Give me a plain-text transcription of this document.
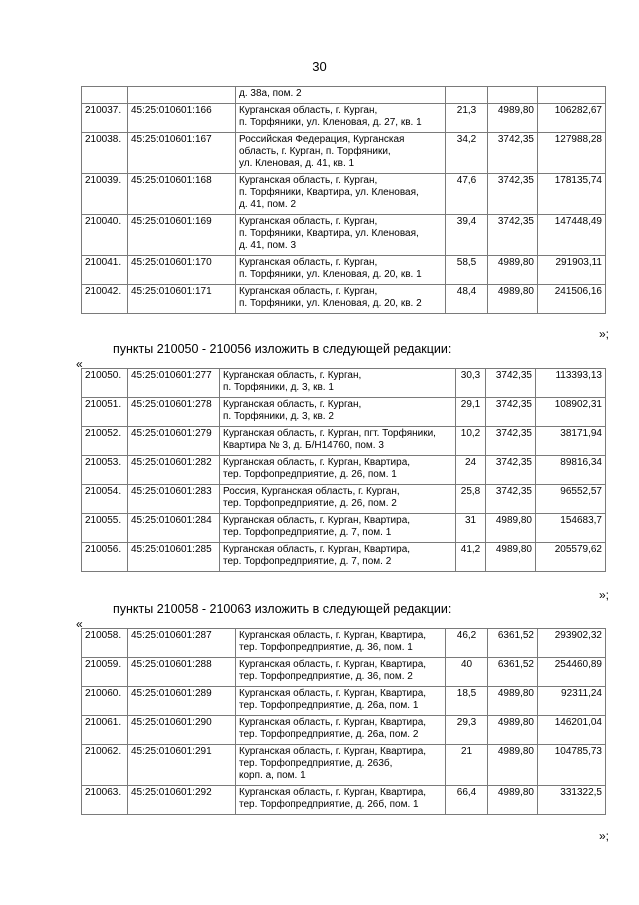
30

		д. 38а, пом. 2			

210037.	45:25:010601:166	Курганская область, г. Курган,
п. Торфяники, ул. Кленовая, д. 27, кв. 1	21,3	4989,80	106282,67
210038.	45:25:010601:167	Российская Федерация, Курганская
область, г. Курган, п. Торфяники,
ул. Кленовая, д. 41, кв. 1	34,2	3742,35	127988,28
210039.	45:25:010601:168	Курганская область, г. Курган,
п. Торфяники, Квартира, ул. Кленовая,
д. 41, пом. 2	47,6	3742,35	178135,74
210040.	45:25:010601:169	Курганская область, г. Курган,
п. Торфяники, Квартира, ул. Кленовая,
д. 41, пом. 3	39,4	3742,35	147448,49
210041.	45:25:010601:170	Курганская область, г. Курган,
п. Торфяники, ул. Кленовая, д. 20, кв. 1	58,5	4989,80	291903,11
210042.	45:25:010601:171	Курганская область, г. Курган,
п. Торфяники, ул. Кленовая, д. 20, кв. 2	48,4	4989,80	241506,16
»;
пункты 210050 - 210056 изложить в следующей редакции:
«
210050.	45:25:010601:277	Курганская область, г. Курган,
п. Торфяники, д. 3, кв. 1	30,3	3742,35	113393,13
210051.	45:25:010601:278	Курганская область, г. Курган,
п. Торфяники, д. 3, кв. 2	29,1	3742,35	108902,31
210052.	45:25:010601:279	Курганская область, г. Курган, пгт. Торфяники,
Квартира № 3, д. Б/Н14760, пом. 3	10,2	3742,35	38171,94
210053.	45:25:010601:282	Курганская область, г. Курган, Квартира,
тер. Торфопредприятие, д. 26, пом. 1	24	3742,35	89816,34
210054.	45:25:010601:283	Россия, Курганская область, г. Курган,
тер. Торфопредприятие, д. 26, пом. 2	25,8	3742,35	96552,57
210055.	45:25:010601:284	Курганская область, г. Курган, Квартира,
тер. Торфопредприятие, д. 7, пом. 1	31	4989,80	154683,7
210056.	45:25:010601:285	Курганская область, г. Курган, Квартира,
тер. Торфопредприятие, д. 7, пом. 2	41,2	4989,80	205579,62
»;
пункты 210058 - 210063 изложить в следующей редакции:
«
210058.	45:25:010601:287	Курганская область, г. Курган, Квартира,
тер. Торфопредприятие, д. 36, пом. 1	46,2	6361,52	293902,32
210059.	45:25:010601:288	Курганская область, г. Курган, Квартира,
тер. Торфопредприятие, д. 36, пом. 2	40	6361,52	254460,89
210060.	45:25:010601:289	Курганская область, г. Курган, Квартира,
тер. Торфопредприятие, д. 26а, пом. 1	18,5	4989,80	92311,24
210061.	45:25:010601:290	Курганская область, г. Курган, Квартира,
тер. Торфопредприятие, д. 26а, пом. 2	29,3	4989,80	146201,04
210062.	45:25:010601:291	Курганская область, г. Курган, Квартира,
тер. Торфопредприятие, д. 263б,
корп. а, пом. 1	21	4989,80	104785,73
210063.	45:25:010601:292	Курганская область, г. Курган, Квартира,
тер. Торфопредприятие, д. 26б, пом. 1	66,4	4989,80	331322,5
»;
